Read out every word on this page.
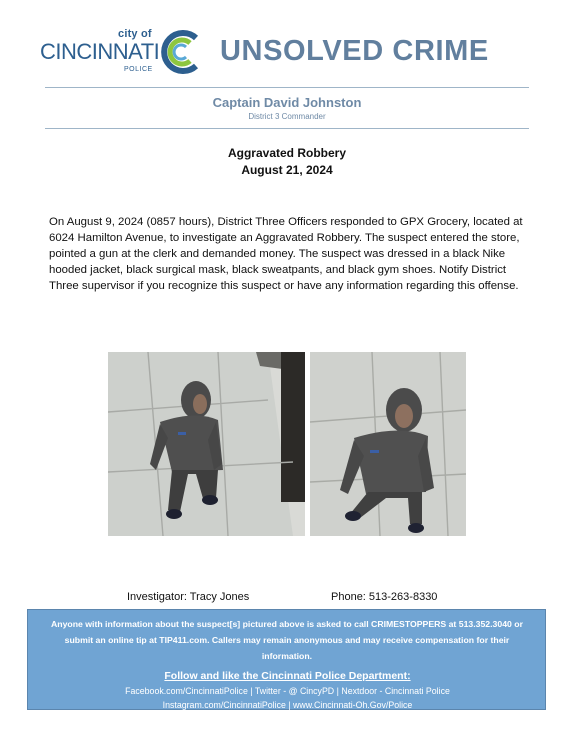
city of
CINCINNATI
POLICE
UNSOLVED CRIME
Captain David Johnston
District 3 Commander
Aggravated Robbery
August 21, 2024
On August 9, 2024 (0857 hours), District Three Officers responded to GPX Grocery, located at 6024 Hamilton Avenue, to investigate an Aggravated Robbery. The suspect entered the store, pointed a gun at the clerk and demanded money. The suspect was dressed in a black Nike hooded jacket, black surgical mask, black sweatpants, and black gym shoes. Notify District Three supervisor if you recognize this suspect or have any information regarding this offense.
Investigator: Tracy Jones	Phone: 513-263-8330
Anyone with information about the suspect[s] pictured above is asked to call CRIMESTOPPERS at 513.352.3040 or submit an online tip at TIP411.com. Callers may remain anonymous and may receive compensation for their information.
Follow and like the Cincinnati Police Department:
Facebook.com/CincinnatiPolice | Twitter - @ CincyPD | Nextdoor - Cincinnati Police
Instagram.com/CincinnatiPolice | www.Cincinnati-Oh.Gov/Police
